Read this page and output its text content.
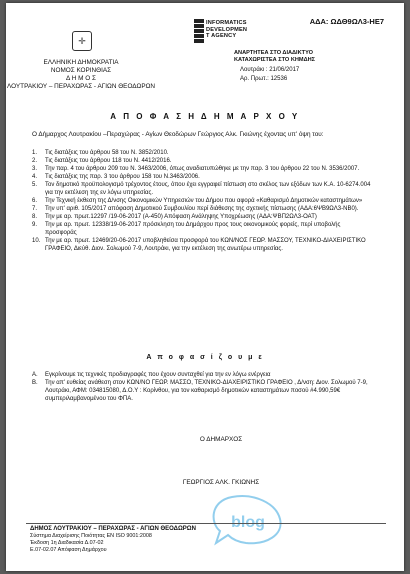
ΑΔΑ: ΩΔΘ9ΩΛ3-ΗΕ7
✛
ΕΛΛΗΝΙΚΗ ΔΗΜΟΚΡΑΤΙΑ
ΝΟΜΟΣ ΚΟΡΙΝΘΙΑΣ
Δ Η Μ Ο Σ
ΛΟΥΤΡΑΚΙΟΥ – ΠΕΡΑΧΩΡΑΣ - ΑΓΙΩΝ ΘΕΟΔΩΡΩΝ
INFORMATICS
DEVELOPMEN
T AGENCY
ΑΝΑΡΤΗΤΕΑ ΣΤΟ ΔΙΑΔΙΚΤΥΟ
ΚΑΤΑΧΩΡΙΣΤΕΑ ΣΤΟ ΚΗΜΔΗΣ
Λουτράκι : 21/06/2017
Αρ. Πρωτ.: 12536
Α Π Ο Φ Α Σ Η Δ Η Μ Α Ρ Χ Ο Υ
Ο Δήμαρχος Λουτρακίου –Περαχώρας - Αγίων Θεοδώρων Γεώργιος Αλκ. Γκιώνης έχοντας υπ' όψη του:
1.	Τις διατάξεις του άρθρου 58 του Ν. 3852/2010.
2.	Τις διατάξεις του άρθρου 118 του Ν. 4412/2016.
3.	Την παρ. 4 του άρθρου 209 του Ν. 3463/2006, όπως αναδιατυπώθηκε με την παρ. 3 του άρθρου 22 του Ν. 3536/2007.
4.	Τις διατάξεις της παρ. 3 του άρθρου 158 του Ν.3463/2006.
5.	Τον δημοτικό προϋπολογισμό τρέχοντος έτους, όπου έχει εγγραφεί πίστωση στο σκέλος των εξόδων των Κ.Α. 10-6274.004 για την εκτέλεση της εν λόγω υπηρεσίας.
6.	Την Τεχνική έκθεση της Δ/νσης Οικονομικών Υπηρεσιών του Δήμου που αφορά «Καθαρισμό Δημοτικών καταστημάτων»
7.	Την υπ' αριθ. 105/2017 απόφαση Δημοτικού Συμβουλίου περί διάθεσης της σχετικής πίστωσης (ΑΔΑ:6ΨΒ9ΩΛ3-ΝΒ0).
8.	Την με αρ. πρωτ.12297 /19-06-2017 (Α-450) Απόφαση Ανάληψης Υποχρέωσης (ΑΔΑ:ΨΒΠ2ΩΛ3-ΟΑΤ)
9.	Την με αρ. πρωτ. 12338/19-06-2017 πρόσκληση του Δημάρχου προς τους οικονομικούς φορείς, περί υποβολής προσφοράς
10. Την με αρ. πρωτ. 12469/20-06-2017 υποβληθείσα προσφορά του ΚΩΝ/ΝΟΣ ΓΕΩΡ. ΜΑΣΣΟΥ, ΤΕΧΝΙΚΟ-ΔΙΑΧΕΙΡΙΣΤΙΚΟ ΓΡΑΦΕΙΟ, Διεύθ. Διον. Σολωμού 7-9, Λουτράκι, για την εκτέλεση της ανωτέρω υπηρεσίας.
Α π ο φ α σ ί ζ ο υ μ ε
A.	Εγκρίνουμε τις τεχνικές προδιαγραφές που έχουν συνταχθεί για την εν λόγω ενέργεια
B.	Την απ' ευθείας ανάθεση στον ΚΩΝ/ΝΟ ΓΕΩΡ. ΜΑΣΣΟ, ΤΕΧΝΙΚΟ-ΔΙΑΧΕΙΡΙΣΤΙΚΟ ΓΡΑΦΕΙΟ , Δ/νση: Διον. Σολωμού 7-9, Λουτράκι, ΑΦΜ: 034815080, Δ.Ο.Υ : Κορίνθου, για τον καθαρισμό δημοτικών καταστημάτων ποσού #4.990,59€ συμπεριλαμβανομένου του ΦΠΑ.
Ο ΔΗΜΑΡΧΟΣ
ΓΕΩΡΓΙΟΣ ΑΛΚ. ΓΚΙΩΝΗΣ
blog
ΔΗΜΟΣ ΛΟΥΤΡΑΚΙΟΥ – ΠΕΡΑΧΩΡΑΣ - ΑΓΙΩΝ ΘΕΟΔΩΡΩΝ
Σύστημα Διαχείρισης Ποιότητας ΕΝ ISO 9001:2008
Έκδοση 1η Διαδικασία Δ.07-02
Ε.07-02.07 Απόφαση Δημάρχου
